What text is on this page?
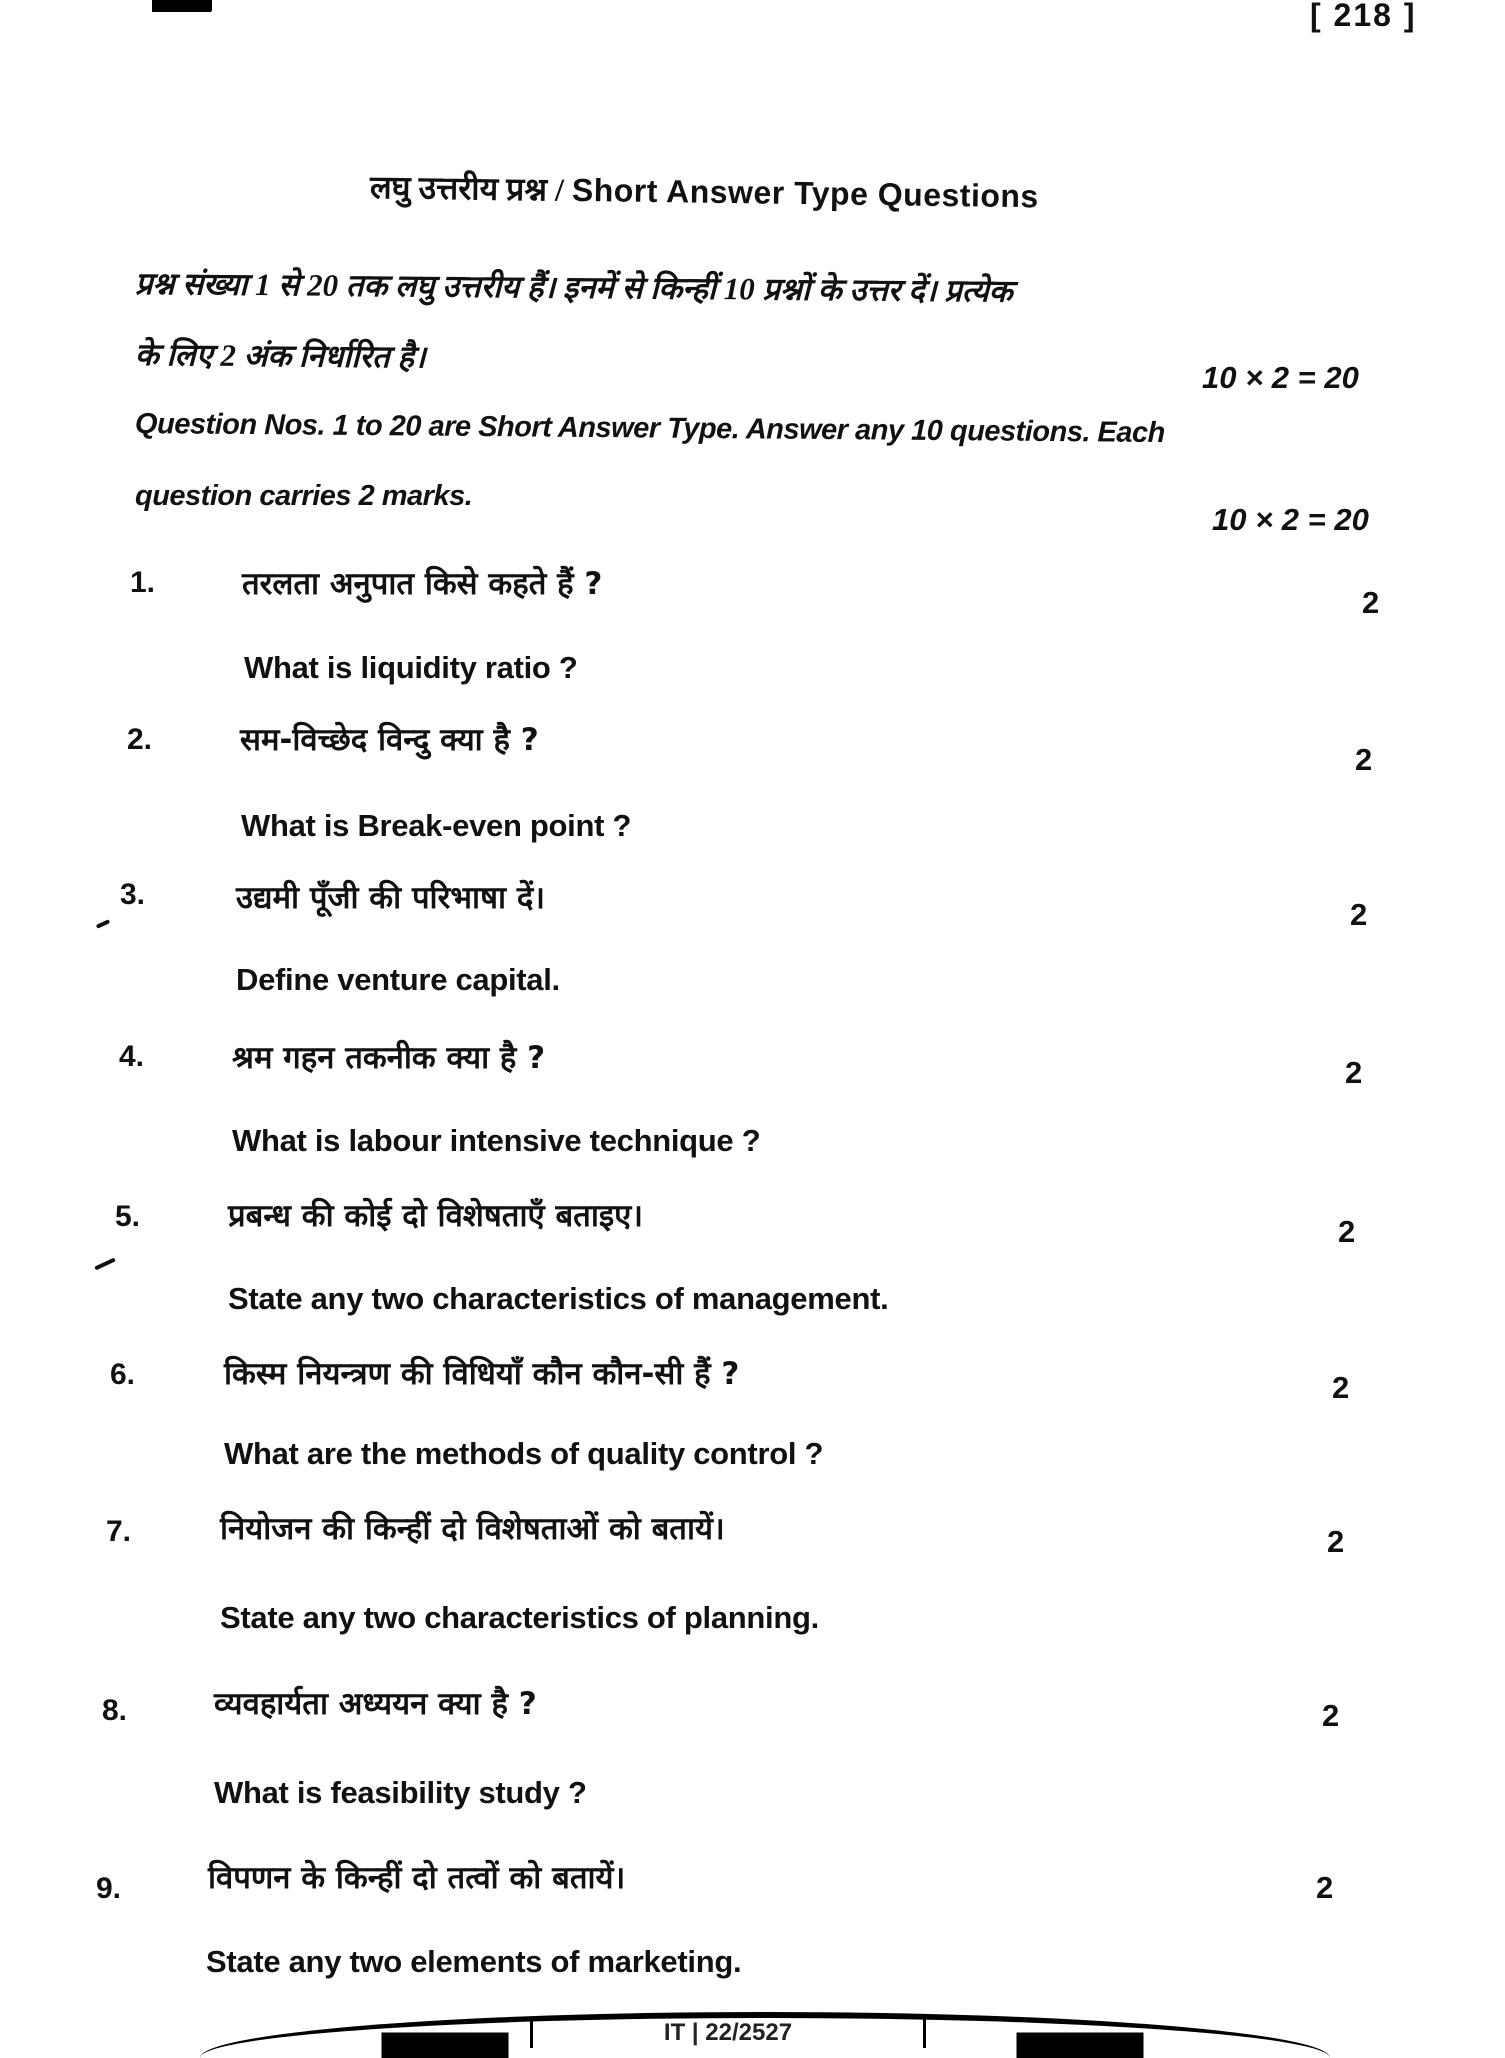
[ 218 ]
लघु उत्तरीय प्रश्न / Short Answer Type Questions
प्रश्न संख्या 1 से 20 तक लघु उत्तरीय हैं। इनमें से किन्हीं 10 प्रश्नों के उत्तर दें। प्रत्येक
के लिए 2 अंक निर्धारित है।
10 × 2 = 20
Question Nos. 1 to 20 are Short Answer Type. Answer any 10 questions. Each
question carries 2 marks.
10 × 2 = 20
1.	तरलता अनुपात किसे कहते हैं ?
What is liquidity ratio ?
2
2.	सम-विच्छेद विन्दु क्या है ?
What is Break-even point ?
2
3.	उद्यमी पूँजी की परिभाषा दें।
Define venture capital.
2
4.	श्रम गहन तकनीक क्या है ?
What is labour intensive technique ?
2
5.	प्रबन्ध की कोई दो विशेषताएँ बताइए।
State any two characteristics of management.
2
6.	किस्म नियन्त्रण की विधियाँ कौन कौन-सी हैं ?
What are the methods of quality control ?
2
7.	नियोजन की किन्हीं दो विशेषताओं को बतायें।
State any two characteristics of planning.
2
8.	व्यवहार्यता अध्ययन क्या है ?
What is feasibility study ?
2
9.	विपणन के किन्हीं दो तत्वों को बतायें।
State any two elements of marketing.
2
IT | 22/2527
